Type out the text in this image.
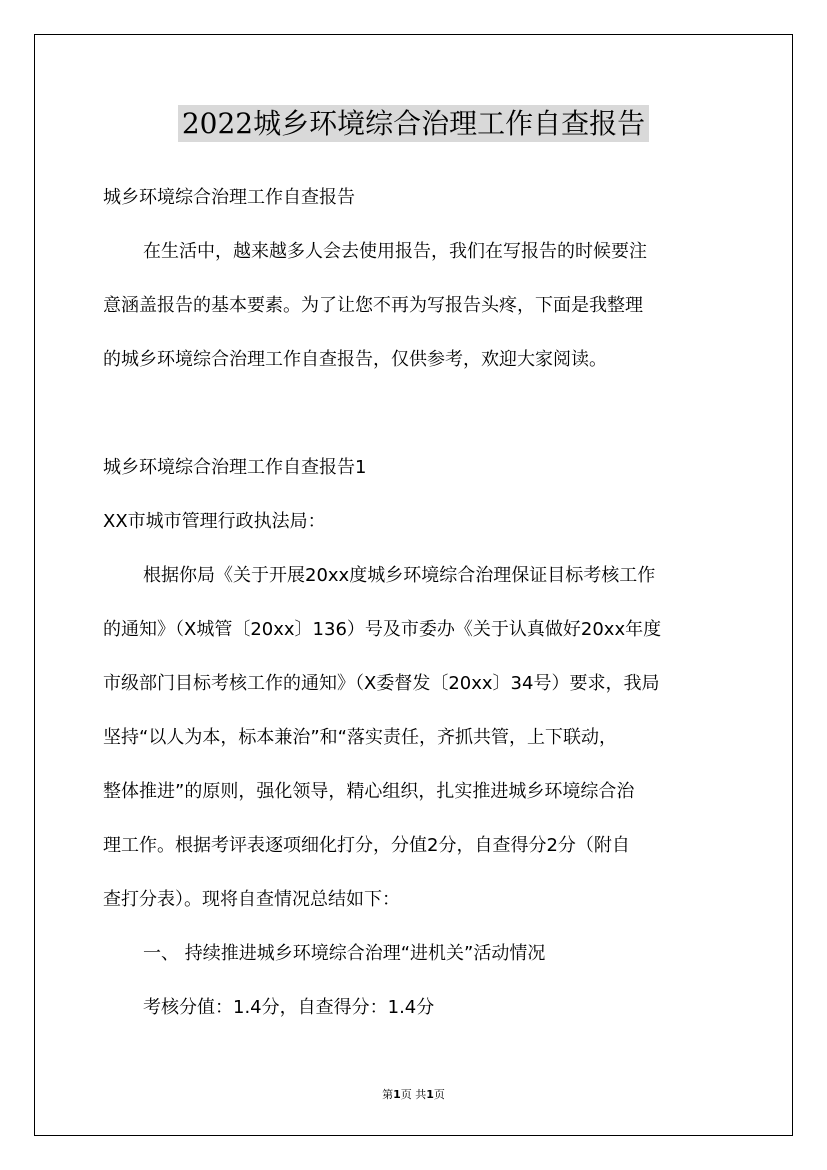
2022城乡环境综合治理工作自查报告
城乡环境综合治理工作自查报告
在生活中，越来越多人会去使用报告，我们在写报告的时候要注
意涵盖报告的基本要素。为了让您不再为写报告头疼，下面是我整理
的城乡环境综合治理工作自查报告，仅供参考，欢迎大家阅读。
城乡环境综合治理工作自查报告1
XX市城市管理行政执法局：
根据你局《关于开展20xx度城乡环境综合治理保证目标考核工作
的通知》（X城管〔20xx〕136）号及市委办《关于认真做好20xx年度
市级部门目标考核工作的通知》（X委督发〔20xx〕34号）要求，我局
坚持“以人为本，标本兼治”和“落实责任，齐抓共管，上下联动，
整体推进”的原则，强化领导，精心组织，扎实推进城乡环境综合治
理工作。根据考评表逐项细化打分，分值2分，自查得分2分（附自
查打分表）。现将自查情况总结如下：
一、 持续推进城乡环境综合治理“进机关”活动情况
考核分值：1.4分，自查得分：1.4分
第1页 共1页
